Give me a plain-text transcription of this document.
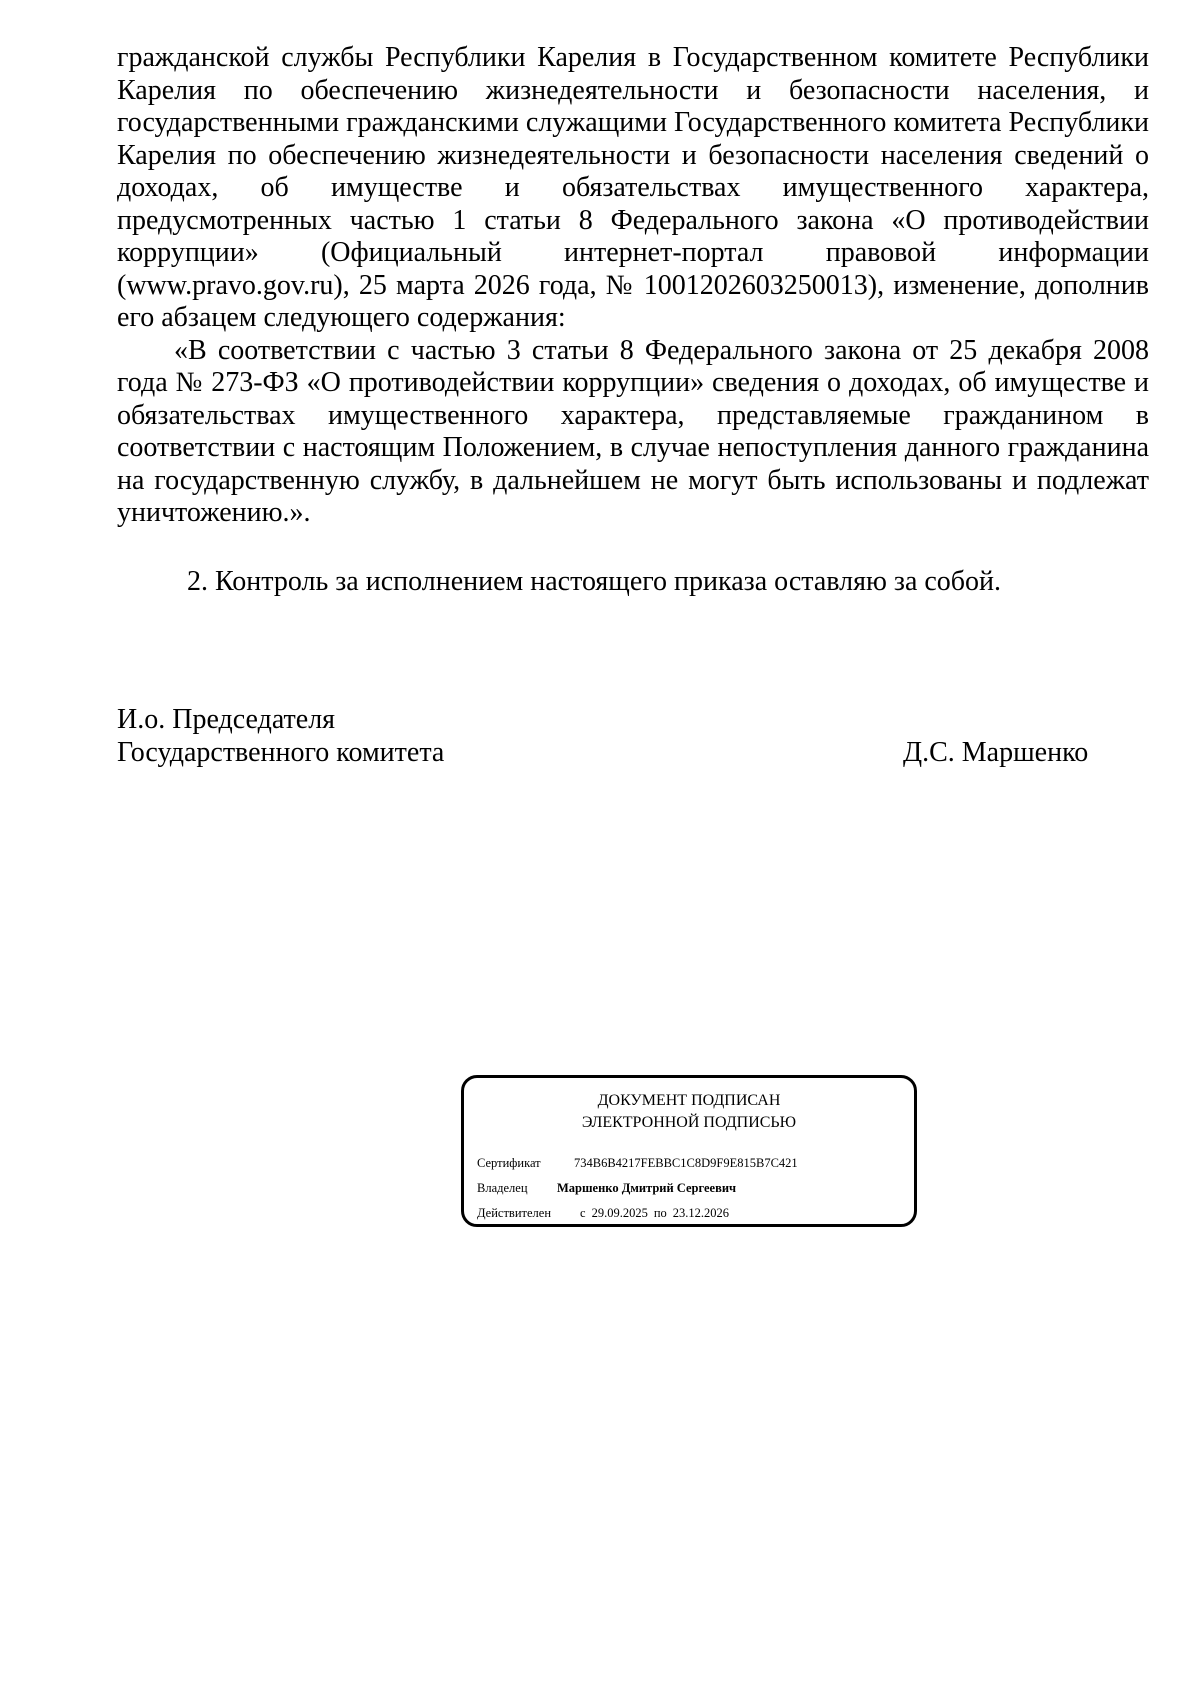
гражданской службы Республики Карелия в Государственном комитете Республики Карелия по обеспечению жизнедеятельности и безопасности населения, и государственными гражданскими служащими Государственного комитета Республики Карелия по обеспечению жизнедеятельности и безопасности населения сведений о доходах, об имуществе и обязательствах имущественного характера, предусмотренных частью 1 статьи 8 Федерального закона «О противодействии коррупции» (Официальный интернет-портал правовой информации (www.pravo.gov.ru), 25 марта 2026 года, № 1001202603250013), изменение, дополнив его абзацем следующего содержания:

«В соответствии с частью 3 статьи 8 Федерального закона от 25 декабря 2008 года № 273-ФЗ «О противодействии коррупции» сведения о доходах, об имуществе и обязательствах имущественного характера, представляемые гражданином в соответствии с настоящим Положением, в случае непоступления данного гражданина на государственную службу, в дальнейшем не могут быть использованы и подлежат уничтожению.».

2. Контроль за исполнением настоящего приказа оставляю за собой.
И.о. Председателя
Государственного комитета	Д.С. Маршенко
ДОКУМЕНТ ПОДПИСАН
ЭЛЕКТРОННОЙ ПОДПИСЬЮ
Сертификат	734B6B4217FEBBC1C8D9F9E815B7C421
Владелец Маршенко Дмитрий Сергеевич
Действителен с 29.09.2025 по 23.12.2026
